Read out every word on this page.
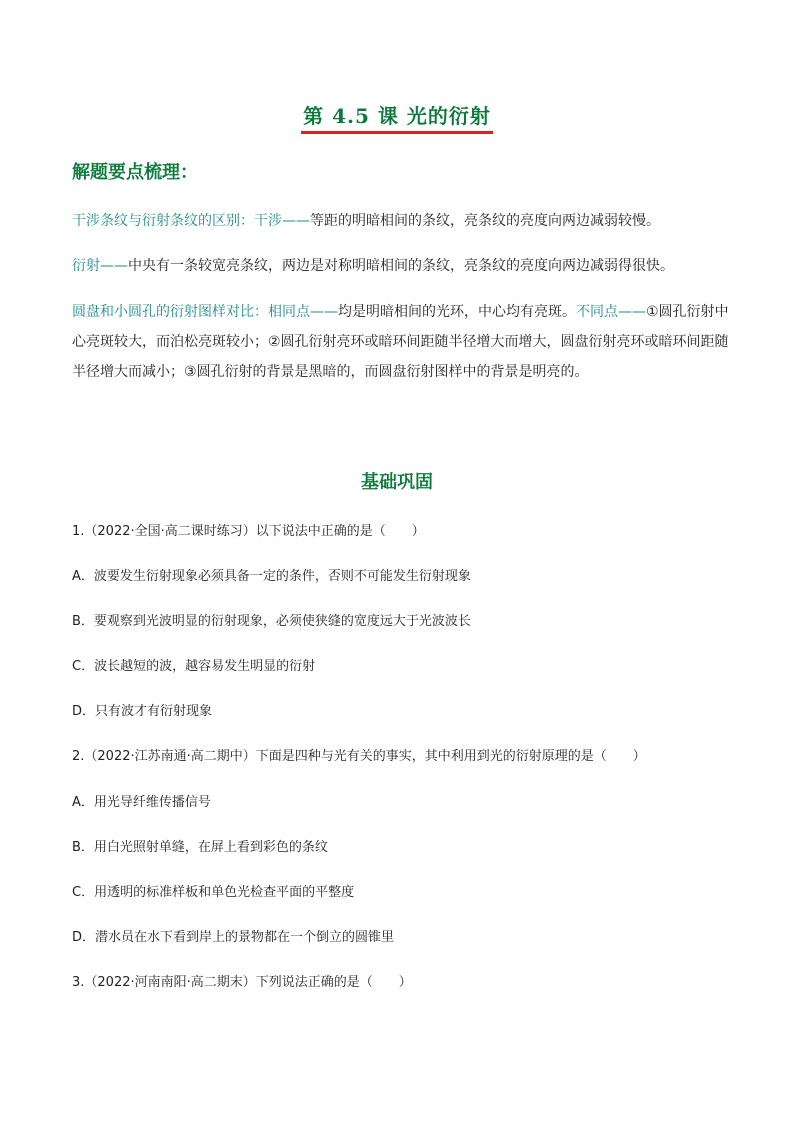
第 4.5 课 光的衍射
解题要点梳理：
干涉条纹与衍射条纹的区别：干涉——等距的明暗相间的条纹，亮条纹的亮度向两边减弱较慢。
衍射——中央有一条较宽亮条纹，两边是对称明暗相间的条纹，亮条纹的亮度向两边减弱得很快。
圆盘和小圆孔的衍射图样对比：相同点——均是明暗相间的光环，中心均有亮斑。不同点——①圆孔衍射中心亮斑较大，而泊松亮斑较小；②圆孔衍射亮环或暗环间距随半径增大而增大，圆盘衍射亮环或暗环间距随半径增大而减小；③圆孔衍射的背景是黑暗的，而圆盘衍射图样中的背景是明亮的。
基础巩固
1.（2022·全国·高二课时练习）以下说法中正确的是（　　）
A．波要发生衍射现象必须具备一定的条件，否则不可能发生衍射现象
B．要观察到光波明显的衍射现象，必须使狭缝的宽度远大于光波波长
C．波长越短的波，越容易发生明显的衍射
D．只有波才有衍射现象
2.（2022·江苏南通·高二期中）下面是四种与光有关的事实，其中利用到光的衍射原理的是（　　）
A．用光导纤维传播信号
B．用白光照射单缝，在屏上看到彩色的条纹
C．用透明的标准样板和单色光检查平面的平整度
D．潜水员在水下看到岸上的景物都在一个倒立的圆锥里
3.（2022·河南南阳·高二期末）下列说法正确的是（　　）
